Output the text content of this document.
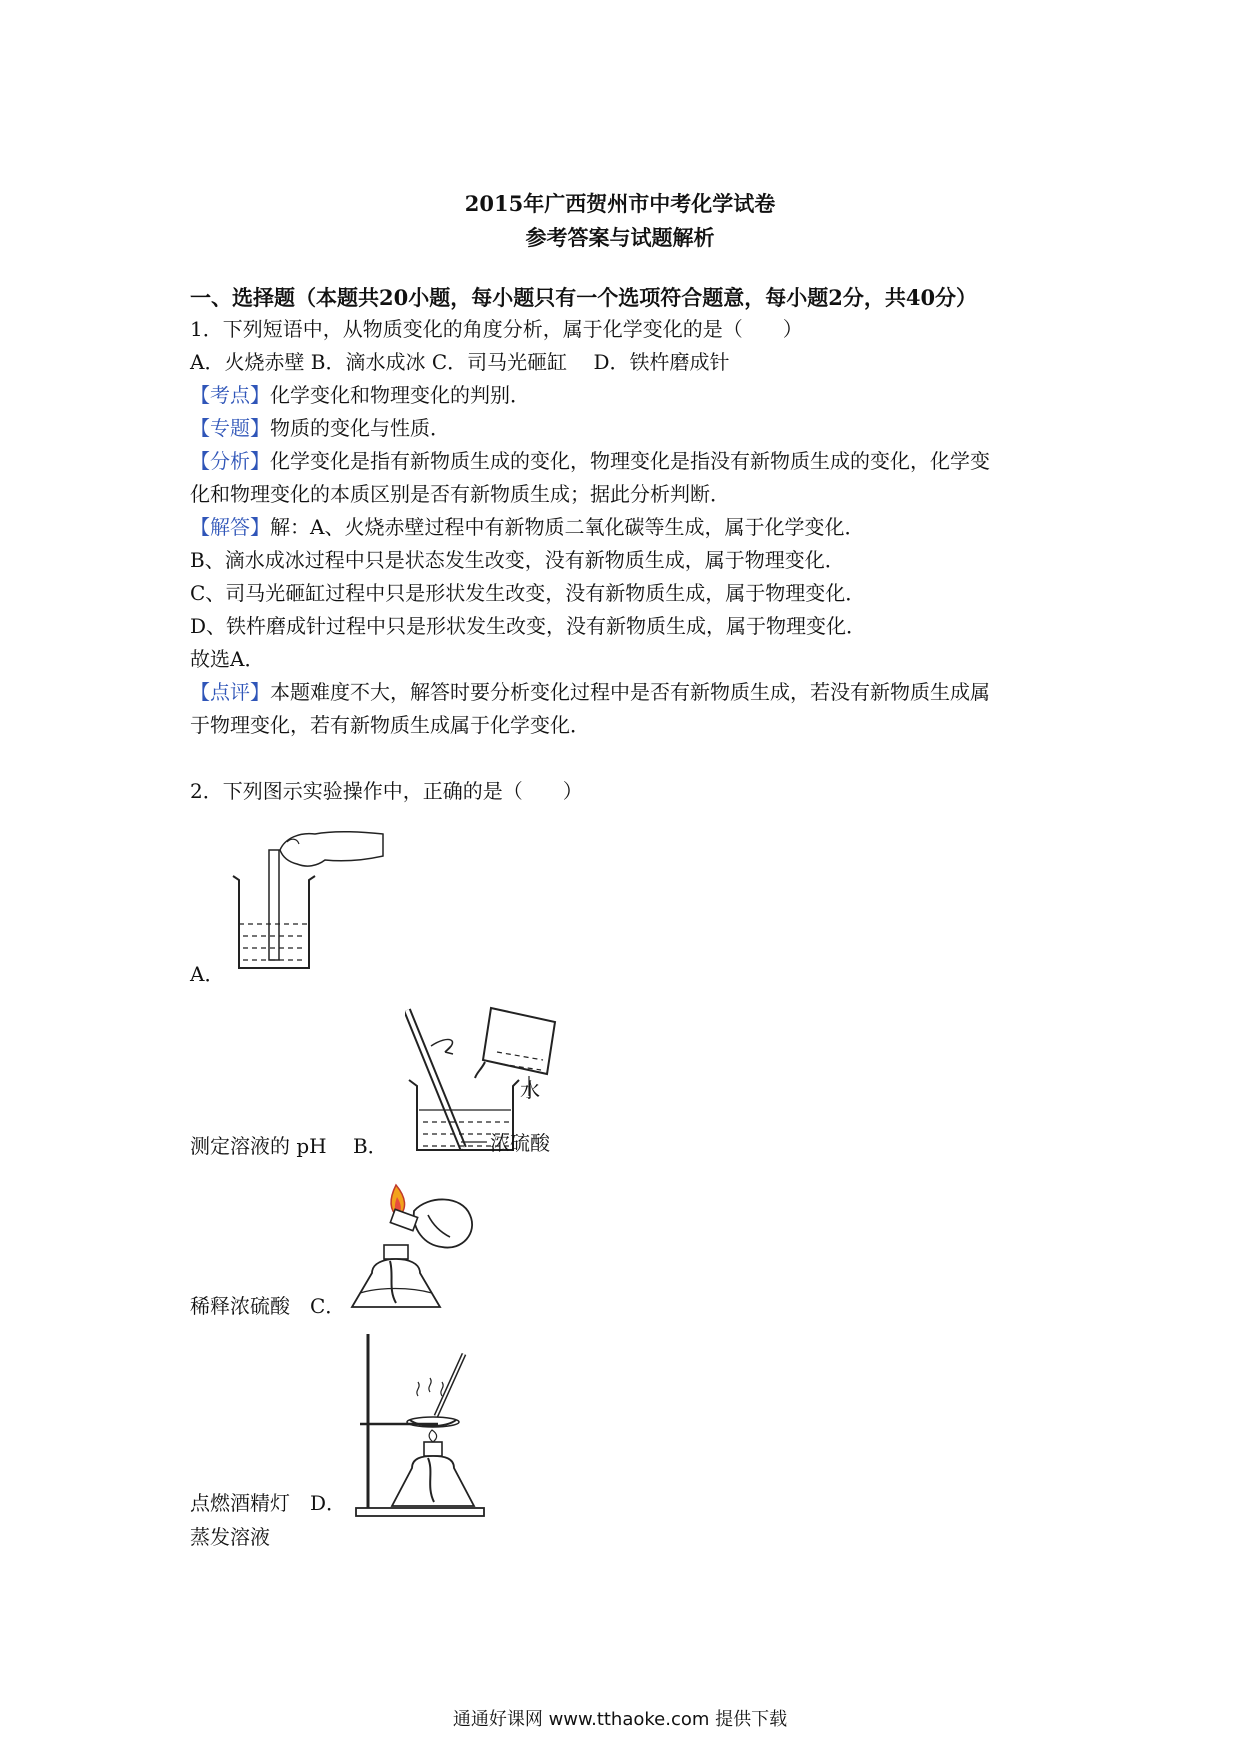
2015年广西贺州市中考化学试卷
参考答案与试题解析
一、选择题（本题共20小题，每小题只有一个选项符合题意，每小题2分，共40分）
1．下列短语中，从物质变化的角度分析，属于化学变化的是（　　）
A．火烧赤壁 B．滴水成冰 C．司马光砸缸　 D．铁杵磨成针
【考点】化学变化和物理变化的判别．
【专题】物质的变化与性质．
【分析】化学变化是指有新物质生成的变化，物理变化是指没有新物质生成的变化，化学变
化和物理变化的本质区别是否有新物质生成；据此分析判断．
【解答】解：A、火烧赤壁过程中有新物质二氧化碳等生成，属于化学变化．
B、滴水成冰过程中只是状态发生改变，没有新物质生成，属于物理变化．
C、司马光砸缸过程中只是形状发生改变，没有新物质生成，属于物理变化．
D、铁杵磨成针过程中只是形状发生改变，没有新物质生成，属于物理变化．
故选A．
【点评】本题难度不大，解答时要分析变化过程中是否有新物质生成，若没有新物质生成属
于物理变化，若有新物质生成属于化学变化．
2．下列图示实验操作中，正确的是（　　）
A．
水
浓硫酸
测定溶液的 pH　 B．
稀释浓硫酸　C．
点燃酒精灯　D．
蒸发溶液
通通好课网 www.tthaoke.com 提供下载
